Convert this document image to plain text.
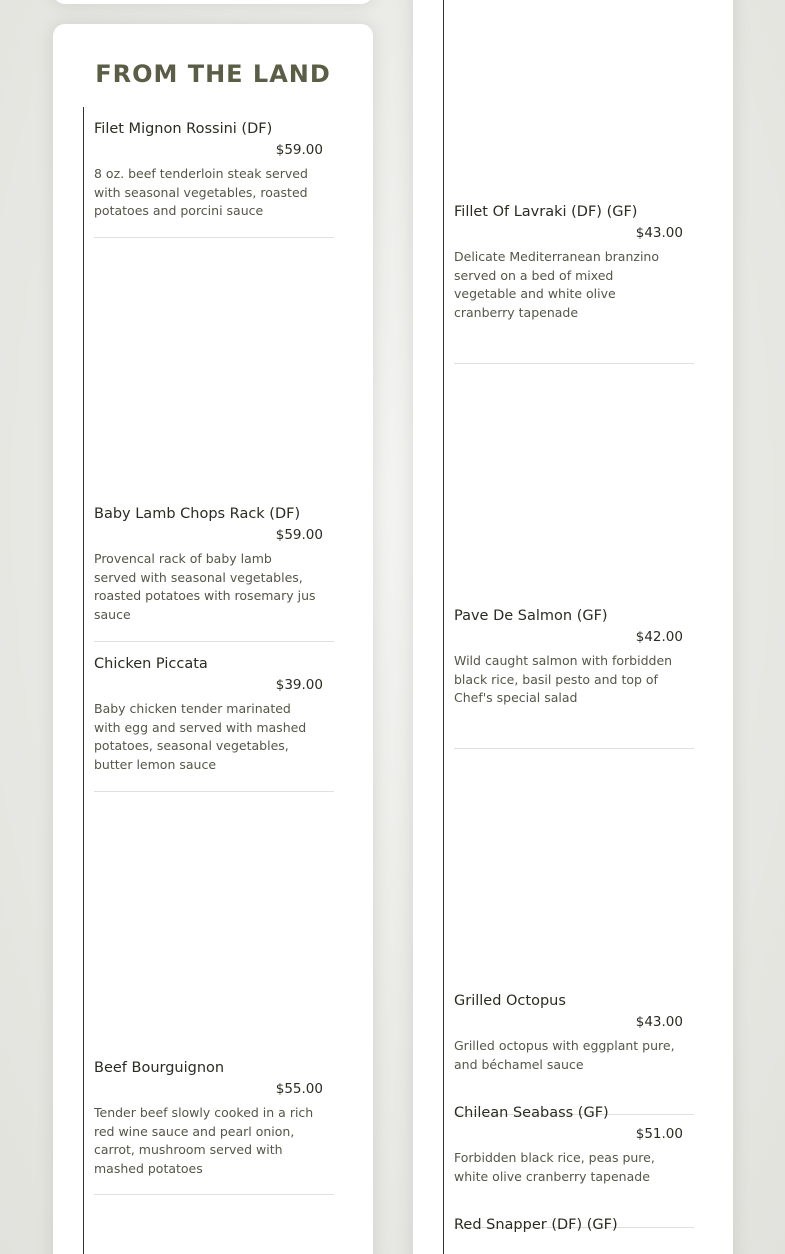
FROM THE LAND
Filet Mignon Rossini (DF)
$59.00
8 oz. beef tenderloin steak served with seasonal vegetables, roasted potatoes and porcini sauce
Baby Lamb Chops Rack (DF)
$59.00
Provencal rack of baby lamb served with seasonal vegetables, roasted potatoes with rosemary jus sauce
Chicken Piccata
$39.00
Baby chicken tender marinated with egg and served with mashed potatoes, seasonal vegetables, butter lemon sauce
Beef Bourguignon
$55.00
Tender beef slowly cooked in a rich red wine sauce and pearl onion, carrot, mushroom served with mashed potatoes
Fillet Of Lavraki (DF) (GF)
$43.00
Delicate Mediterranean branzino served on a bed of mixed vegetable and white olive cranberry tapenade
Pave De Salmon (GF)
$42.00
Wild caught salmon with forbidden black rice, basil pesto and top of Chef's special salad
Grilled Octopus
$43.00
Grilled octopus with eggplant pure, and béchamel sauce
Chilean Seabass (GF)
$51.00
Forbidden black rice, peas pure, white olive cranberry tapenade
Red Snapper (DF) (GF)
